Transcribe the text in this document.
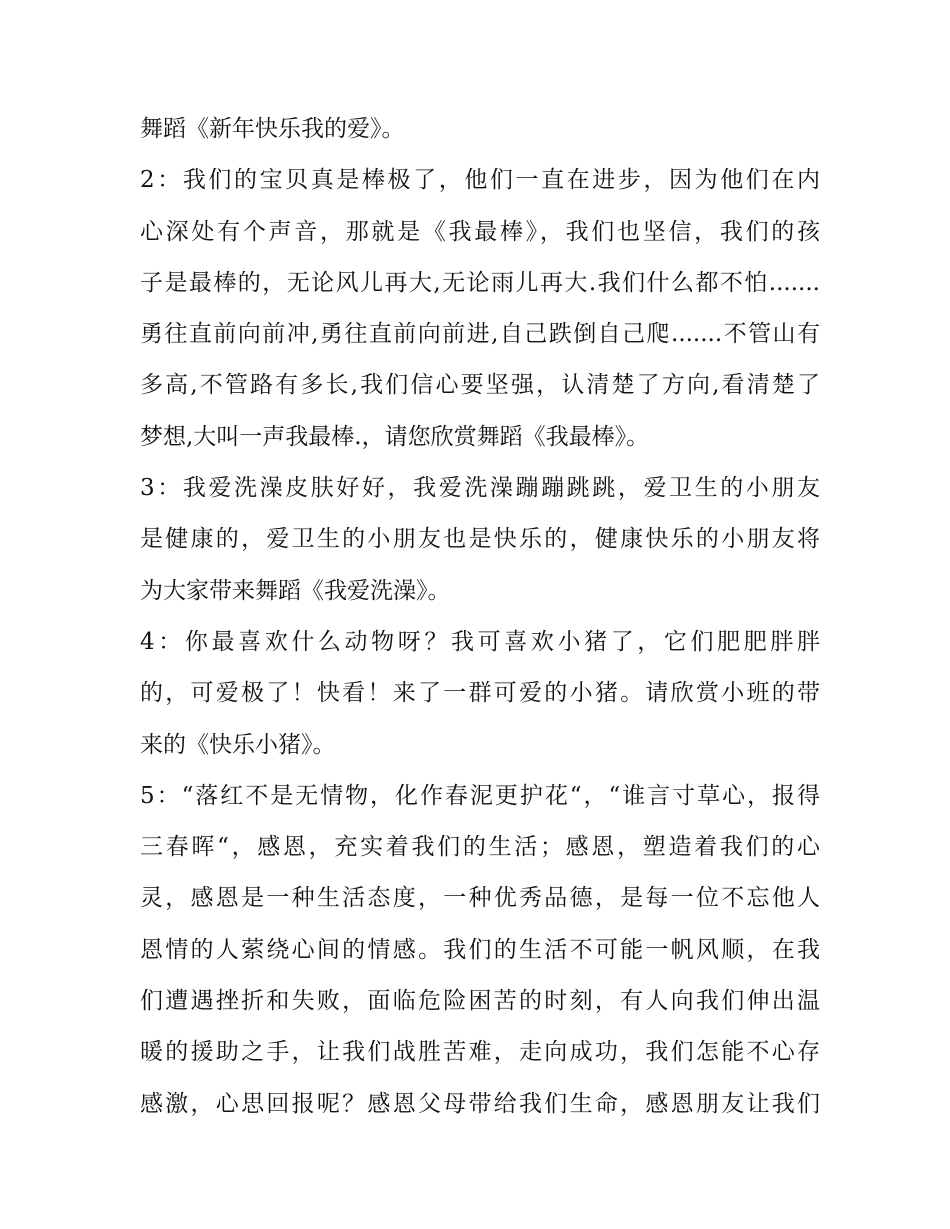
舞蹈《新年快乐我的爱》。
2：我们的宝贝真是棒极了，他们一直在进步，因为他们在内
心深处有个声音，那就是《我最棒》，我们也坚信，我们的孩
子是最棒的，无论风儿再大,无论雨儿再大.我们什么都不怕.......
勇往直前向前冲,勇往直前向前进,自己跌倒自己爬.......不管山有
多高,不管路有多长,我们信心要坚强，认清楚了方向,看清楚了
梦想,大叫一声我最棒.，请您欣赏舞蹈《我最棒》。
3：我爱洗澡皮肤好好，我爱洗澡蹦蹦跳跳，爱卫生的小朋友
是健康的，爱卫生的小朋友也是快乐的，健康快乐的小朋友将
为大家带来舞蹈《我爱洗澡》。
4：你最喜欢什么动物呀？我可喜欢小猪了，它们肥肥胖胖
的，可爱极了！快看！来了一群可爱的小猪。请欣赏小班的带
来的《快乐小猪》。
5：“落红不是无情物，化作春泥更护花“，“谁言寸草心，报得
三春晖“，感恩，充实着我们的生活；感恩，塑造着我们的心
灵，感恩是一种生活态度，一种优秀品德，是每一位不忘他人
恩情的人萦绕心间的情感。我们的生活不可能一帆风顺，在我
们遭遇挫折和失败，面临危险困苦的时刻，有人向我们伸出温
暖的援助之手，让我们战胜苦难，走向成功，我们怎能不心存
感激，心思回报呢？感恩父母带给我们生命，感恩朋友让我们
